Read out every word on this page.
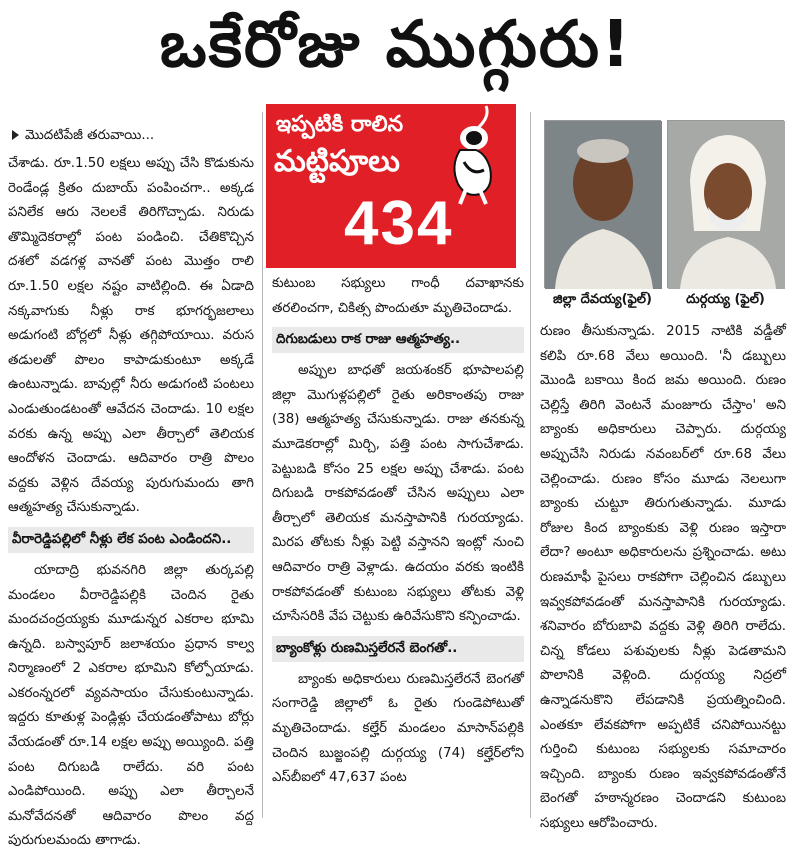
ఒకేరోజు ముగ్గురు!
మొదటిపేజీ తరువాయి...

చేశాడు. రూ.1.50 లక్షలు అప్పు చేసి కొడుకును రెండేండ్ల క్రితం దుబాయ్ పంపించగా.. అక్కడ పనిలేక ఆరు నెలలకే తిరిగొచ్చాడు. నిరుడు తొమ్మిదెకరాల్లో పంట పండించి. చేతికొచ్చిన దశలో వడగళ్ల వానతో పంట మొత్తం రాలి రూ.1.50 లక్షల నష్టం వాటిల్లింది. ఈ ఏడాది నక్కవాగుకు నీళ్లు రాక భూగర్భజలాలు అడుగంటి బోర్లలో నీళ్లు తగ్గిపోయాయి. వరుస తడులతో పొలం కాపాడుకుంటూ అక్కడే ఉంటున్నాడు. బావుల్లో నీరు అడుగంటి పంటలు ఎండుతుండటంతో ఆవేదన చెందాడు. 10 లక్షల వరకు ఉన్న అప్పు ఎలా తీర్చాలో తెలియక ఆందోళన చెందాడు. ఆదివారం రాత్రి పొలం వద్దకు వెళ్లిన దేవయ్య పురుగుమందు తాగి ఆత్మహత్య చేసుకున్నాడు.

వీరారెడ్డిపల్లిలో నీళ్లు లేక పంట ఎండిందని..

యాదాద్రి భువనగిరి జిల్లా తుర్కపల్లి మండలం వీరారెడ్డిపల్లికి చెందిన రైతు మందచంద్రయ్యకు మూడున్నర ఎకరాల భూమి ఉన్నది. బస్వాపూర్ జలాశయం ప్రధాన కాల్వ నిర్మాణంలో 2 ఎకరాల భూమిని కోల్పోయాడు. ఎకరంన్నరలో వ్యవసాయం చేసుకుంటున్నాడు. ఇద్దరు కూతుళ్ల పెండ్లిళ్లు చేయడంతోపాటు బోర్లు వేయడంతో రూ.14 లక్షల అప్పు అయ్యింది. పత్తి పంట దిగుబడి రాలేదు. వరి పంట ఎండిపోయింది. అప్పు ఎలా తీర్చాలనే మనోవేదనతో ఆదివారం పొలం వద్ద పురుగులమందు తాగాడు.

ఇప్పటికి రాలిన
మట్టిపూలు
434

కుటుంబ సభ్యులు గాంధీ దవాఖానకు తరలించగా, చికిత్స పొందుతూ మృతిచెందాడు.

దిగుబడులు రాక రాజు ఆత్మహత్య..

అప్పుల బాధతో జయశంకర్ భూపాలపల్లి జిల్లా మొగుళ్లపల్లిలో రైతు అరికాంతపు రాజు (38) ఆత్మహత్య చేసుకున్నాడు. రాజు తనకున్న మూడెకరాల్లో మిర్చి, పత్తి పంట సాగుచేశాడు. పెట్టుబడి కోసం 25 లక్షల అప్పు చేశాడు. పంట దిగుబడి రాకపోవడంతో చేసిన అప్పులు ఎలా తీర్చాలో తెలియక మనస్తాపానికి గురయ్యాడు. మిరప తోటకు నీళ్లు పెట్టి వస్తానని ఇంట్లో నుంచి ఆదివారం రాత్రి వెళ్లాడు. ఉదయం వరకు ఇంటికి రాకపోవడంతో కుటుంబ సభ్యులు తోటకు వెళ్లి చూసేసరికి వేప చెట్టుకు ఉరివేసుకొని కన్పించాడు.

బ్యాంకోళ్లు రుణమిస్తలేరనే బెంగతో..

బ్యాంకు అధికారులు రుణమిస్తలేరనే బెంగతో సంగారెడ్డి జిల్లాలో ఓ రైతు గుండెపోటుతో మృతిచెందాడు. కల్హేర్ మండలం మాసాన్‌పల్లికి చెందిన బుజ్జంపల్లి దుర్గయ్య (74) కల్హేర్‌లోని ఎస్‌బీఐలో 47,637 పంట

జిల్లా దేవయ్య(ఫైల్)	దుర్గయ్య (ఫైల్)

రుణం తీసుకున్నాడు. 2015 నాటికి వడ్డీతో కలిపి రూ.68 వేలు అయింది. 'నీ డబ్బులు మొండి బకాయి కింద జమ అయింది. రుణం చెల్లిస్తే తిరిగి వెంటనే మంజూరు చేస్తాం' అని బ్యాంకు అధికారులు చెప్పారు. దుర్గయ్య అప్పుచేసి నిరుడు నవంబర్‌లో రూ.68 వేలు చెల్లించాడు. రుణం కోసం మూడు నెలలుగా బ్యాంకు చుట్టూ తిరుగుతున్నాడు. మూడు రోజుల కింద బ్యాంకుకు వెళ్లి రుణం ఇస్తారా లేదా? అంటూ అధికారులను ప్రశ్నించాడు. అటు రుణమాఫీ పైసలు రాకపోగా చెల్లించిన డబ్బులు ఇవ్వకపోవడంతో మనస్తాపానికి గురయ్యాడు. శనివారం బోరుబావి వద్దకు వెళ్లి తిరిగి రాలేదు. చిన్న కోడలు పశువులకు నీళ్లు పెడతామని పొలానికి వెళ్లింది. దుర్గయ్య నిద్రలో ఉన్నాడనుకొని లేపడానికి ప్రయత్నించింది. ఎంతకూ లేవకపోగా అప్పటికే చనిపోయినట్టు గుర్తించి కుటుంబ సభ్యులకు సమాచారం ఇచ్చింది. బ్యాంకు రుణం ఇవ్వకపోవడంతోనే బెంగతో హఠాన్మరణం చెందాడని కుటుంబ సభ్యులు ఆరోపించారు.
